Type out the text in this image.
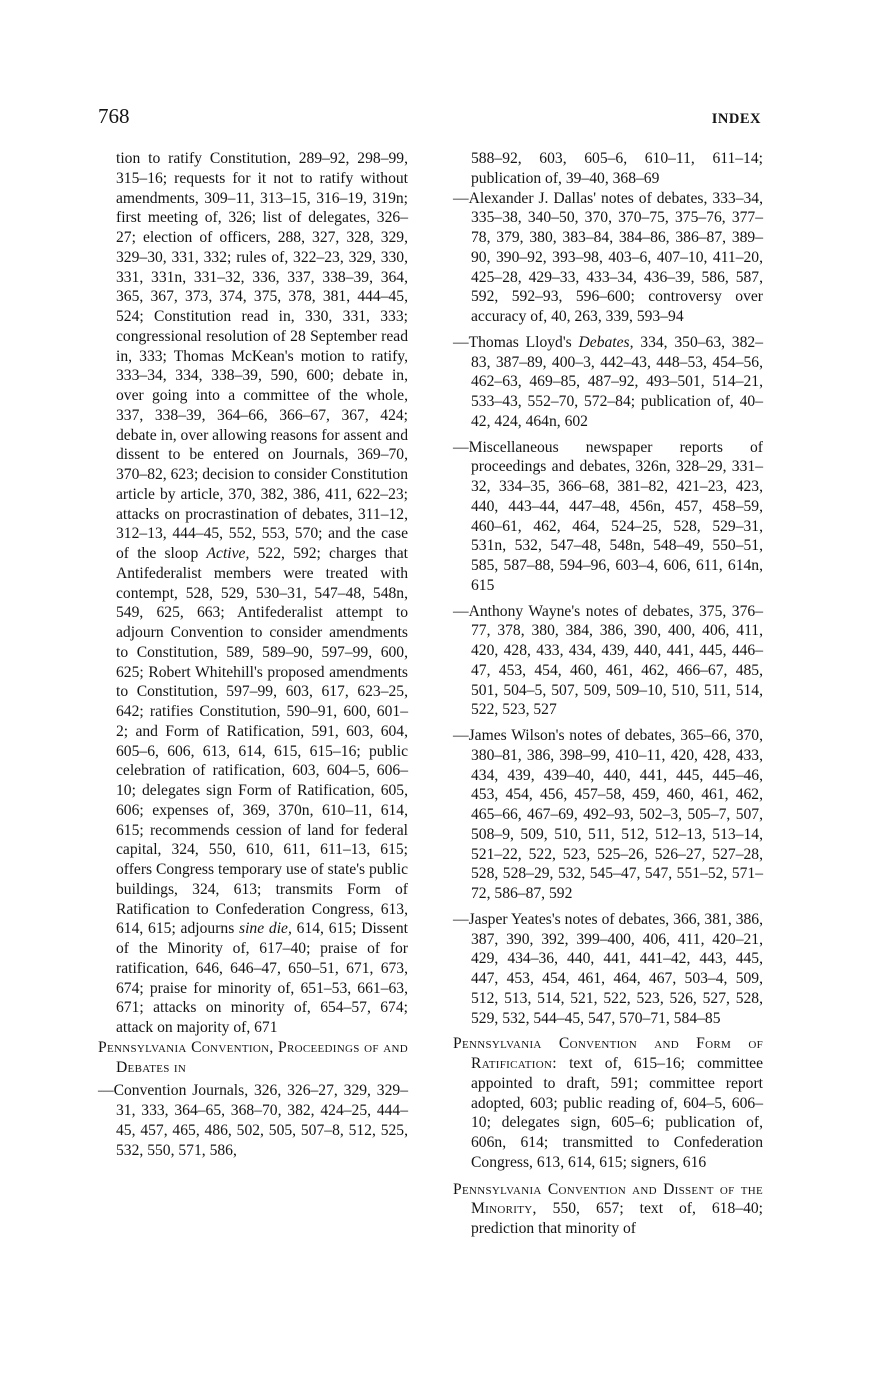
768	INDEX

tion to ratify Constitution, 289–92, 298–99, 315–16; requests for it not to ratify without amendments, 309–11, 313–15, 316–19, 319n; first meeting of, 326; list of delegates, 326–27; election of officers, 288, 327, 328, 329, 329–30, 331, 332; rules of, 322–23, 329, 330, 331, 331n, 331–32, 336, 337, 338–39, 364, 365, 367, 373, 374, 375, 378, 381, 444–45, 524; Constitution read in, 330, 331, 333; congressional resolution of 28 September read in, 333; Thomas McKean's motion to ratify, 333–34, 334, 338–39, 590, 600; debate in, over going into a committee of the whole, 337, 338–39, 364–66, 366–67, 367, 424; debate in, over allowing reasons for assent and dissent to be entered on Journals, 369–70, 370–82, 623; decision to consider Constitution article by article, 370, 382, 386, 411, 622–23; attacks on procrastination of debates, 311–12, 312–13, 444–45, 552, 553, 570; and the case of the sloop Active, 522, 592; charges that Antifederalist members were treated with contempt, 528, 529, 530–31, 547–48, 548n, 549, 625, 663; Antifederalist attempt to adjourn Convention to consider amendments to Constitution, 589, 589–90, 597–99, 600, 625; Robert Whitehill's proposed amendments to Constitution, 597–99, 603, 617, 623–25, 642; ratifies Constitution, 590–91, 600, 601–2; and Form of Ratification, 591, 603, 604, 605–6, 606, 613, 614, 615, 615–16; public celebration of ratification, 603, 604–5, 606–10; delegates sign Form of Ratification, 605, 606; expenses of, 369, 370n, 610–11, 614, 615; recommends cession of land for federal capital, 324, 550, 610, 611, 611–13, 615; offers Congress temporary use of state's public buildings, 324, 613; transmits Form of Ratification to Confederation Congress, 613, 614, 615; adjourns sine die, 614, 615; Dissent of the Minority of, 617–40; praise of for ratification, 646, 646–47, 650–51, 671, 673, 674; praise for minority of, 651–53, 661–63, 671; attacks on minority of, 654–57, 674; attack on majority of, 671

Pennsylvania Convention, Proceedings of and Debates in

—Convention Journals, 326, 326–27, 329, 329–31, 333, 364–65, 368–70, 382, 424–25, 444–45, 457, 465, 486, 502, 505, 507–8, 512, 525, 532, 550, 571, 586,

588–92, 603, 605–6, 610–11, 611–14; publication of, 39–40, 368–69

—Alexander J. Dallas' notes of debates, 333–34, 335–38, 340–50, 370, 370–75, 375–76, 377–78, 379, 380, 383–84, 384–86, 386–87, 389–90, 390–92, 393–98, 403–6, 407–10, 411–20, 425–28, 429–33, 433–34, 436–39, 586, 587, 592, 592–93, 596–600; controversy over accuracy of, 40, 263, 339, 593–94

—Thomas Lloyd's Debates, 334, 350–63, 382–83, 387–89, 400–3, 442–43, 448–53, 454–56, 462–63, 469–85, 487–92, 493–501, 514–21, 533–43, 552–70, 572–84; publication of, 40–42, 424, 464n, 602

—Miscellaneous newspaper reports of proceedings and debates, 326n, 328–29, 331–32, 334–35, 366–68, 381–82, 421–23, 423, 440, 443–44, 447–48, 456n, 457, 458–59, 460–61, 462, 464, 524–25, 528, 529–31, 531n, 532, 547–48, 548n, 548–49, 550–51, 585, 587–88, 594–96, 603–4, 606, 611, 614n, 615

—Anthony Wayne's notes of debates, 375, 376–77, 378, 380, 384, 386, 390, 400, 406, 411, 420, 428, 433, 434, 439, 440, 441, 445, 446–47, 453, 454, 460, 461, 462, 466–67, 485, 501, 504–5, 507, 509, 509–10, 510, 511, 514, 522, 523, 527

—James Wilson's notes of debates, 365–66, 370, 380–81, 386, 398–99, 410–11, 420, 428, 433, 434, 439, 439–40, 440, 441, 445, 445–46, 453, 454, 456, 457–58, 459, 460, 461, 462, 465–66, 467–69, 492–93, 502–3, 505–7, 507, 508–9, 509, 510, 511, 512, 512–13, 513–14, 521–22, 522, 523, 525–26, 526–27, 527–28, 528, 528–29, 532, 545–47, 547, 551–52, 571–72, 586–87, 592

—Jasper Yeates's notes of debates, 366, 381, 386, 387, 390, 392, 399–400, 406, 411, 420–21, 429, 434–36, 440, 441, 441–42, 443, 445, 447, 453, 454, 461, 464, 467, 503–4, 509, 512, 513, 514, 521, 522, 523, 526, 527, 528, 529, 532, 544–45, 547, 570–71, 584–85

Pennsylvania Convention and Form of Ratification: text of, 615–16; committee appointed to draft, 591; committee report adopted, 603; public reading of, 604–5, 606–10; delegates sign, 605–6; publication of, 606n, 614; transmitted to Confederation Congress, 613, 614, 615; signers, 616

Pennsylvania Convention and Dissent of the Minority, 550, 657; text of, 618–40; prediction that minority of
